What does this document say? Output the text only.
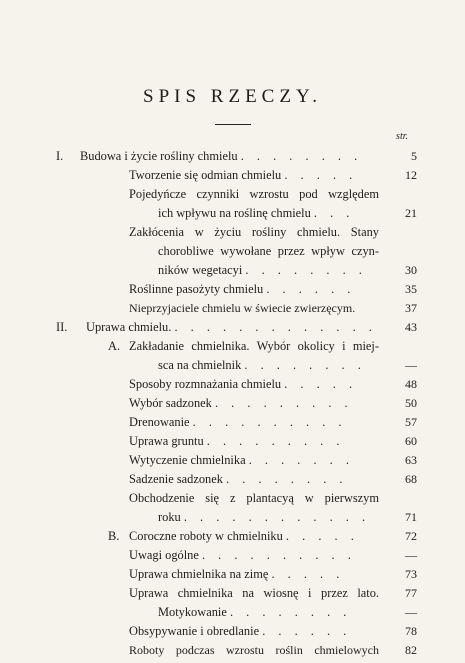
SPIS RZECZY.
str.
I. Budowa i życie rośliny chmielu . . . . . . . .	5
Tworzenie się odmian chmielu . . . . .	12
Pojedyńcze czynniki wzrostu pod względem
ich wpływu na roślinę chmielu . . .	21
Zakłócenia w życiu rośliny chmielu. Stany
chorobliwe wywołane przez wpływ czyn-
ników wegetacyi . . . . . . . .	30
Roślinne pasożyty chmielu . . . . . .	35
Nieprzyjaciele chmielu w świecie zwierzęcym.	37
II. Uprawa chmielu. . . . . . . . . . . . . .	43
A. Zakładanie chmielnika. Wybór okolicy i miej-
sca na chmielnik . . . . . . . .	—
Sposoby rozmnażania chmielu . . . . .	48
Wybór sadzonek . . . . . . . . .	50
Drenowanie . . . . . . . . . .	57
Uprawa gruntu . . . . . . . . .	60
Wytyczenie chmielnika . . . . . . .	63
Sadzenie sadzonek . . . . . . . .	68
Obchodzenie się z plantacyą w pierwszym
roku . . . . . . . . . . . .	71
B. Coroczne roboty w chmielniku . . . . .	72
Uwagi ogólne . . . . . . . . . .	—
Uprawa chmielnika na zimę . . . . .	73
Uprawa chmielnika na wiosnę i przez lato.	77
Motykowanie . . . . . . . .	—
Obsypywanie i obredlanie . . . . . .	78
Roboty podczas wzrostu roślin chmielowych	82
